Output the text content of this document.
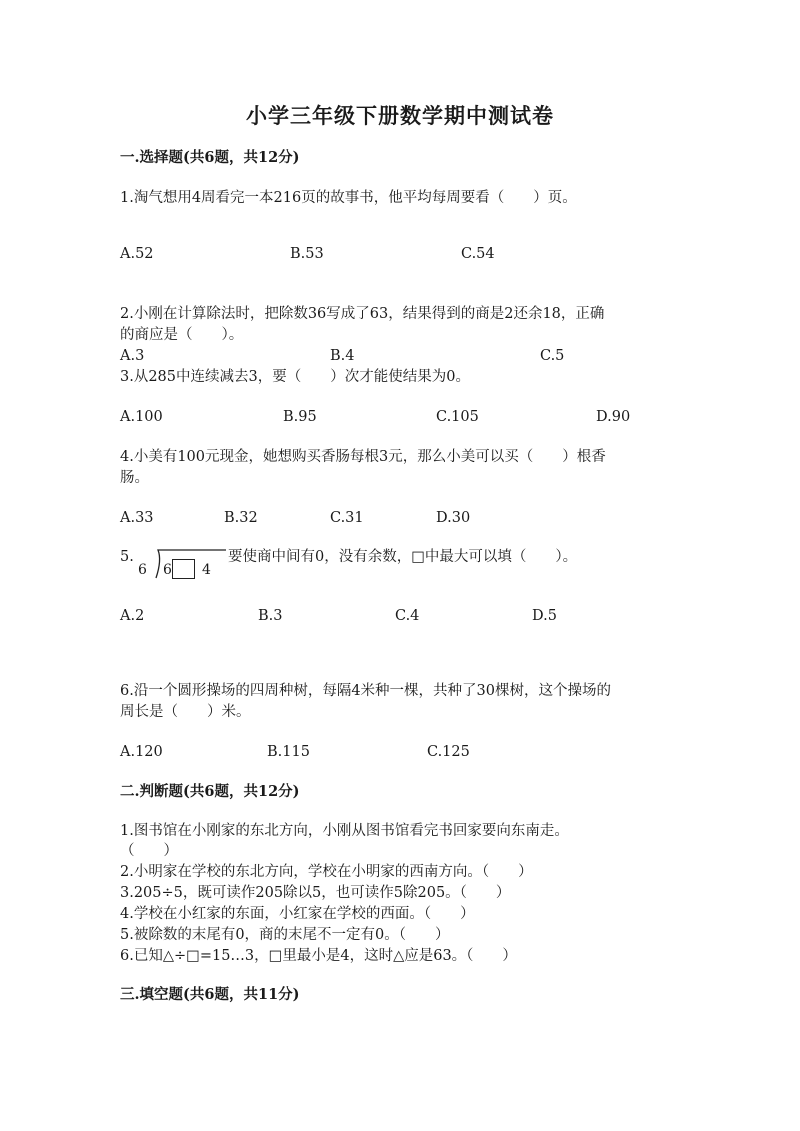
小学三年级下册数学期中测试卷
一.选择题(共6题，共12分)
1.淘气想用4周看完一本216页的故事书，他平均每周要看（　　）页。
A.52	B.53	C.54
2.小刚在计算除法时，把除数36写成了63，结果得到的商是2还余18，正确
的商应是（　　）。
A.3	B.4	C.5
3.从285中连续减去3，要（　　）次才能使结果为0。
A.100	B.95	C.105	D.90
4.小美有100元现金，她想购买香肠每根3元，那么小美可以买（　　）根香
肠。
A.33	B.32	C.31	D.30
5.
6 6 4
要使商中间有0，没有余数，□中最大可以填（　　）。
A.2	B.3	C.4	D.5
6.沿一个圆形操场的四周种树，每隔4米种一棵，共种了30棵树，这个操场的
周长是（　　）米。
A.120	B.115	C.125
二.判断题(共6题，共12分)
1.图书馆在小刚家的东北方向，小刚从图书馆看完书回家要向东南走。
（　　）
2.小明家在学校的东北方向，学校在小明家的西南方向。（　　）
3.205÷5，既可读作205除以5，也可读作5除205。（　　）
4.学校在小红家的东面，小红家在学校的西面。（　　）
5.被除数的末尾有0，商的末尾不一定有0。（　　）
6.已知△÷□=15…3，□里最小是4，这时△应是63。（　　）
三.填空题(共6题，共11分)
